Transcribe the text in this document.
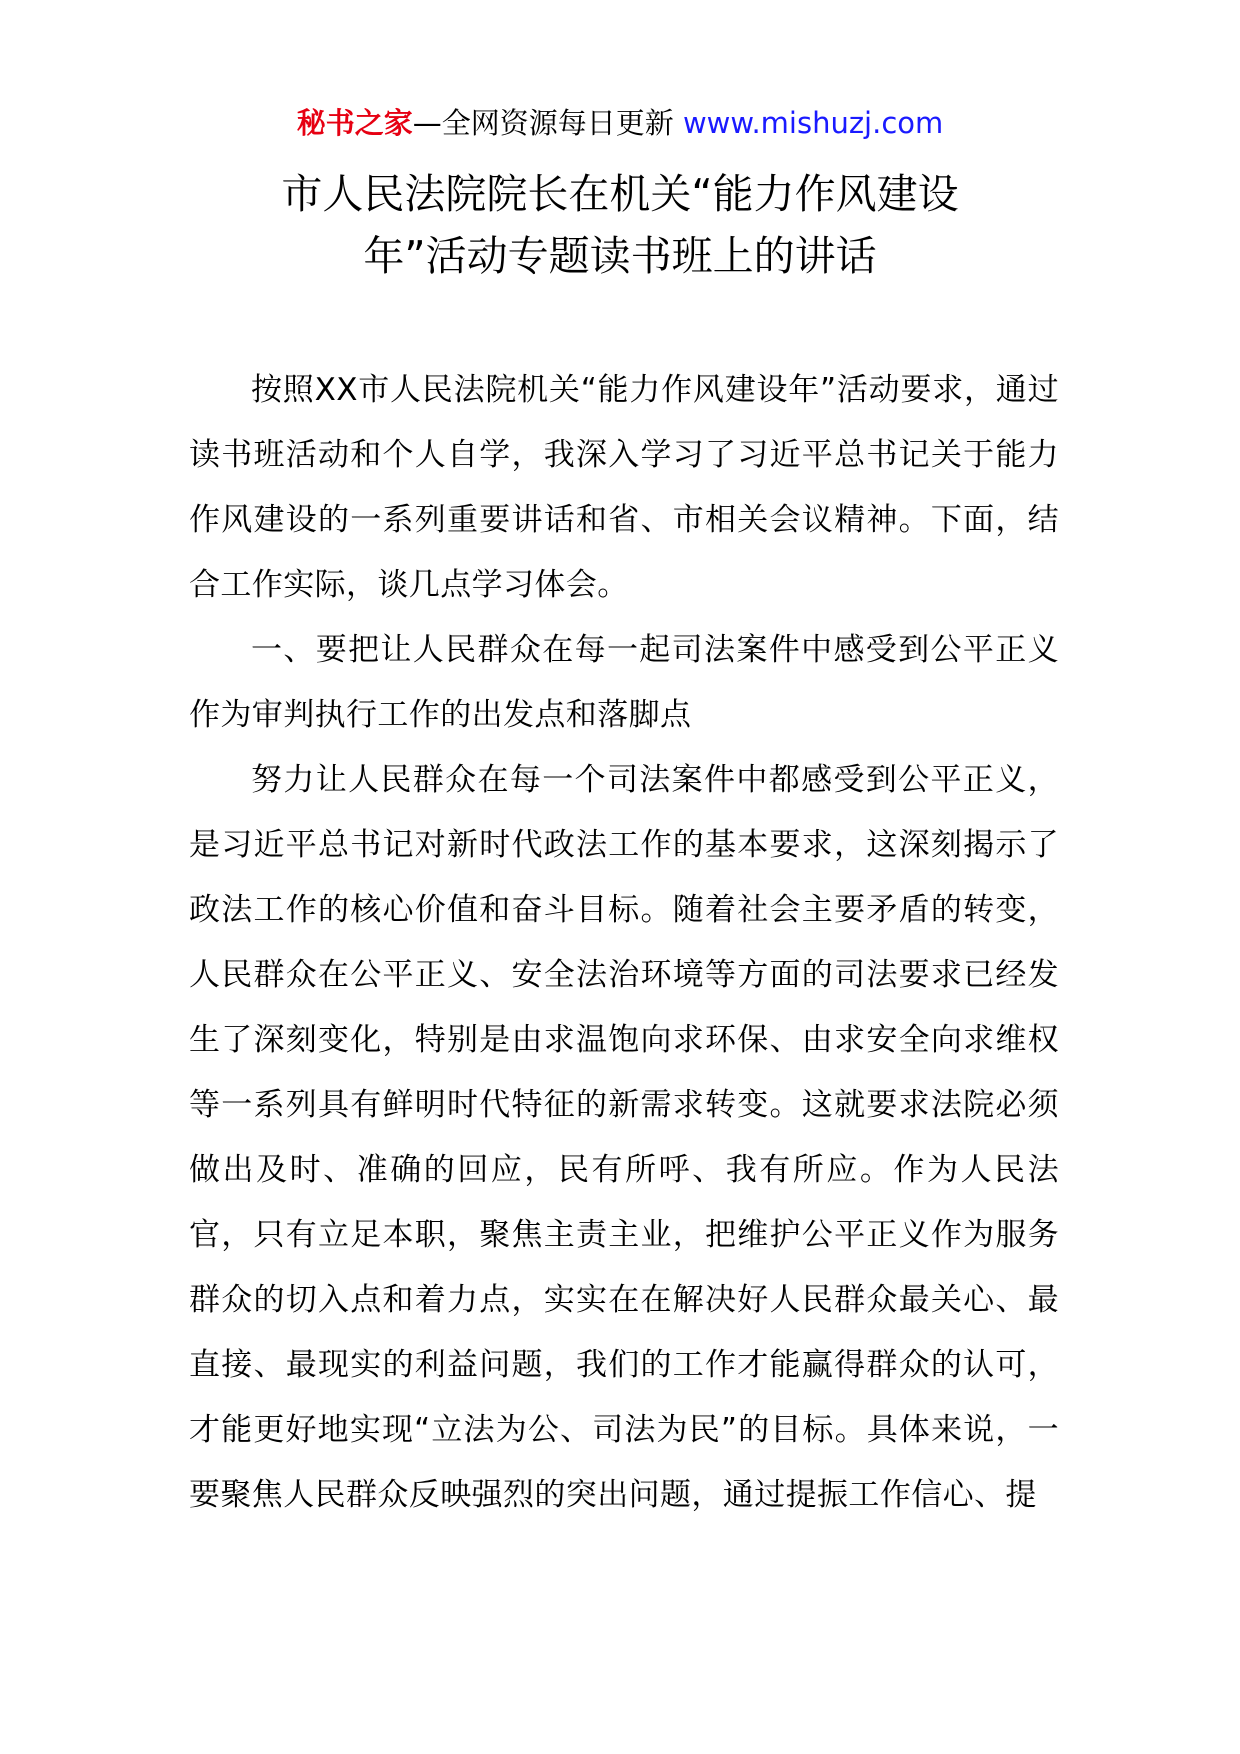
秘书之家—全网资源每日更新 www.mishuzj.com
市人民法院院长在机关“能力作风建设
年”活动专题读书班上的讲话

按照XX市人民法院机关“能力作风建设年”活动要求，通过读书班活动和个人自学，我深入学习了习近平总书记关于能力作风建设的一系列重要讲话和省、市相关会议精神。下面，结合工作实际，谈几点学习体会。

一、要把让人民群众在每一起司法案件中感受到公平正义作为审判执行工作的出发点和落脚点

努力让人民群众在每一个司法案件中都感受到公平正义，是习近平总书记对新时代政法工作的基本要求，这深刻揭示了政法工作的核心价值和奋斗目标。随着社会主要矛盾的转变，人民群众在公平正义、安全法治环境等方面的司法要求已经发生了深刻变化，特别是由求温饱向求环保、由求安全向求维权等一系列具有鲜明时代特征的新需求转变。这就要求法院必须做出及时、准确的回应，民有所呼、我有所应。作为人民法官，只有立足本职，聚焦主责主业，把维护公平正义作为服务群众的切入点和着力点，实实在在解决好人民群众最关心、最直接、最现实的利益问题，我们的工作才能赢得群众的认可，才能更好地实现“立法为公、司法为民”的目标。具体来说，一要聚焦人民群众反映强烈的突出问题，通过提振工作信心、提
